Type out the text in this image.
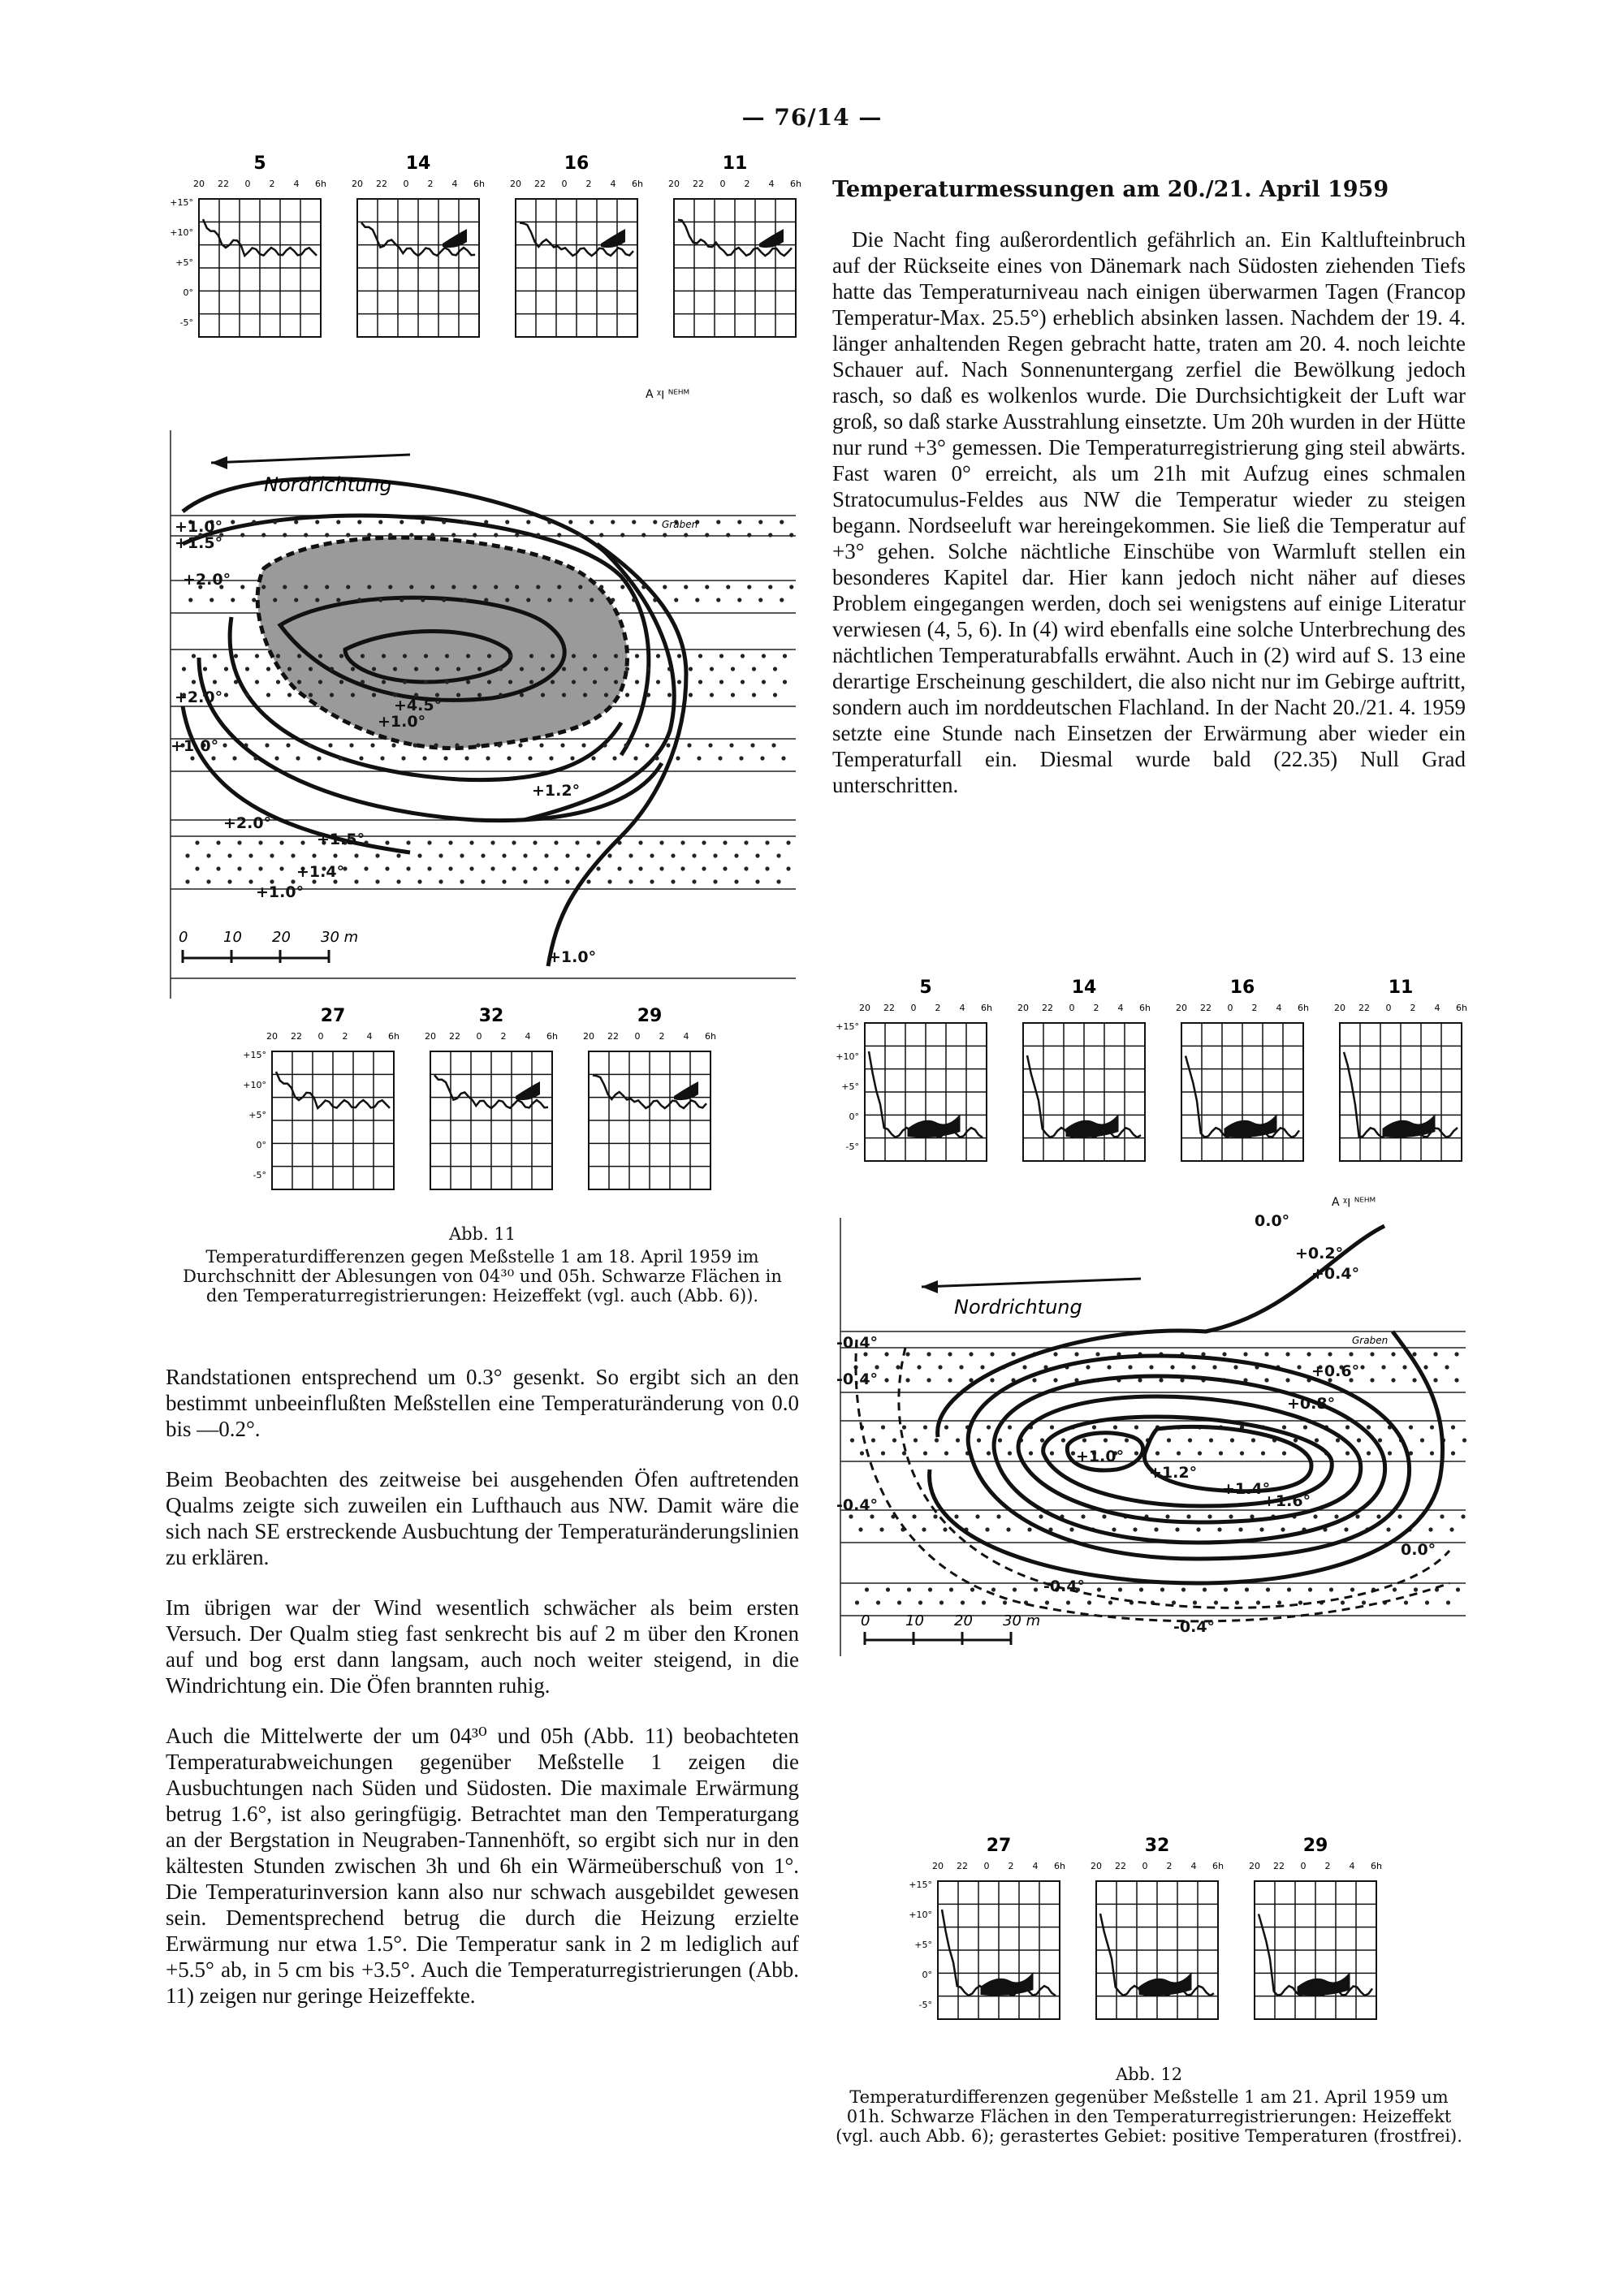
— 76/14 —
5
20 22 0 2 4 6h
14
20 22 0 2 4 6h
16
20 22 0 2 4 6h
11
20 22 0 2 4 6h
+15°
+10°
+5°
0°
-5°
Nordrichtung
A ᵡ׀ ᴺᴱᴴᴹ
Graben
+1.0°
+1.5°
+2.0°
+2.0°
+1.0°
+4.5°
+1.0°
+1.2°
+2.0°
+1.5°
+1.4°
+1.0°
+1.0°
0 10 20 30 m
27
20 22 0 2 4 6h
32
20 22 0 2 4 6h
29
20 22 0 2 4 6h
+15°
+10°
+5°
0°
-5°
Abb. 11
Temperaturdifferenzen gegen Meßstelle 1 am 18. April 1959 im Durchschnitt der Ablesungen von 04³⁰ und 05h. Schwarze Flächen in den Temperaturregistrierungen: Heizeffekt (vgl. auch (Abb. 6)).

Randstationen entsprechend um 0.3° gesenkt. So ergibt sich an den bestimmt unbeeinflußten Meßstellen eine Temperaturänderung von 0.0 bis —0.2°.

Beim Beobachten des zeitweise bei ausgehenden Öfen auftretenden Qualms zeigte sich zuweilen ein Lufthauch aus NW. Damit wäre die sich nach SE erstreckende Ausbuchtung der Temperaturänderungslinien zu erklären.

Im übrigen war der Wind wesentlich schwächer als beim ersten Versuch. Der Qualm stieg fast senkrecht bis auf 2 m über den Kronen auf und bog erst dann langsam, auch noch weiter steigend, in die Windrichtung ein. Die Öfen brannten ruhig.

Auch die Mittelwerte der um 04³⁰ und 05h (Abb. 11) beobachteten Temperaturabweichungen gegenüber Meßstelle 1 zeigen die Ausbuchtungen nach Süden und Südosten. Die maximale Erwärmung betrug 1.6°, ist also geringfügig. Betrachtet man den Temperaturgang an der Bergstation in Neugraben-Tannenhöft, so ergibt sich nur in den kältesten Stunden zwischen 3h und 6h ein Wärmeüberschuß von 1°. Die Temperaturinversion kann also nur schwach ausgebildet gewesen sein. Dementsprechend betrug die durch die Heizung erzielte Erwärmung nur etwa 1.5°. Die Temperatur sank in 2 m lediglich auf +5.5° ab, in 5 cm bis +3.5°. Auch die Temperaturregistrierungen (Abb. 11) zeigen nur geringe Heizeffekte.

Temperaturmessungen am 20./21. April 1959

Die Nacht fing außerordentlich gefährlich an. Ein Kaltlufteinbruch auf der Rückseite eines von Dänemark nach Südosten ziehenden Tiefs hatte das Temperaturniveau nach einigen überwarmen Tagen (Francop Temperatur-Max. 25.5°) erheblich absinken lassen. Nachdem der 19. 4. länger anhaltenden Regen gebracht hatte, traten am 20. 4. noch leichte Schauer auf. Nach Sonnenuntergang zerfiel die Bewölkung jedoch rasch, so daß es wolkenlos wurde. Die Durchsichtigkeit der Luft war groß, so daß starke Ausstrahlung einsetzte. Um 20h wurden in der Hütte nur rund +3° gemessen. Die Temperaturregistrierung ging steil abwärts. Fast waren 0° erreicht, als um 21h mit Aufzug eines schmalen Stratocumulus-Feldes aus NW die Temperatur wieder zu steigen begann. Nordseeluft war hereingekommen. Sie ließ die Temperatur auf +3° gehen. Solche nächtliche Einschübe von Warmluft stellen ein besonderes Kapitel dar. Hier kann jedoch nicht näher auf dieses Problem eingegangen werden, doch sei wenigstens auf einige Literatur verwiesen (4, 5, 6). In (4) wird ebenfalls eine solche Unterbrechung des nächtlichen Temperaturabfalls erwähnt. Auch in (2) wird auf S. 13 eine derartige Erscheinung geschildert, die also nicht nur im Gebirge auftritt, sondern auch im norddeutschen Flachland. In der Nacht 20./21. 4. 1959 setzte eine Stunde nach Einsetzen der Erwärmung aber wieder ein Temperaturfall ein. Diesmal wurde bald (22.35) Null Grad unterschritten.

5
20 22 0 2 4 6h
14
20 22 0 2 4 6h
16
20 22 0 2 4 6h
11
20 22 0 2 4 6h
+15°
+10°
+5°
0°
-5°
Nordrichtung
A ᵡ׀ ᴺᴱᴴᴹ
Graben
0.0°
+0.2°
+0.4°
-0.4°
-0.4°	+0.6°
+0.8°
+1.0°
+1.2°
+1.4°
+1.6°
-0.4°
0.0°
-0.4°
-0.4°
0 10 20 30 m
27
20 22 0 2 4 6h
32
20 22 0 2 4 6h
29
20 22 0 2 4 6h
+15°
+10°
+5°
0°
-5°
Abb. 12
Temperaturdifferenzen gegenüber Meßstelle 1 am 21. April 1959 um 01h. Schwarze Flächen in den Temperaturregistrierungen: Heizeffekt (vgl. auch Abb. 6); gerastertes Gebiet: positive Temperaturen (frostfrei).
